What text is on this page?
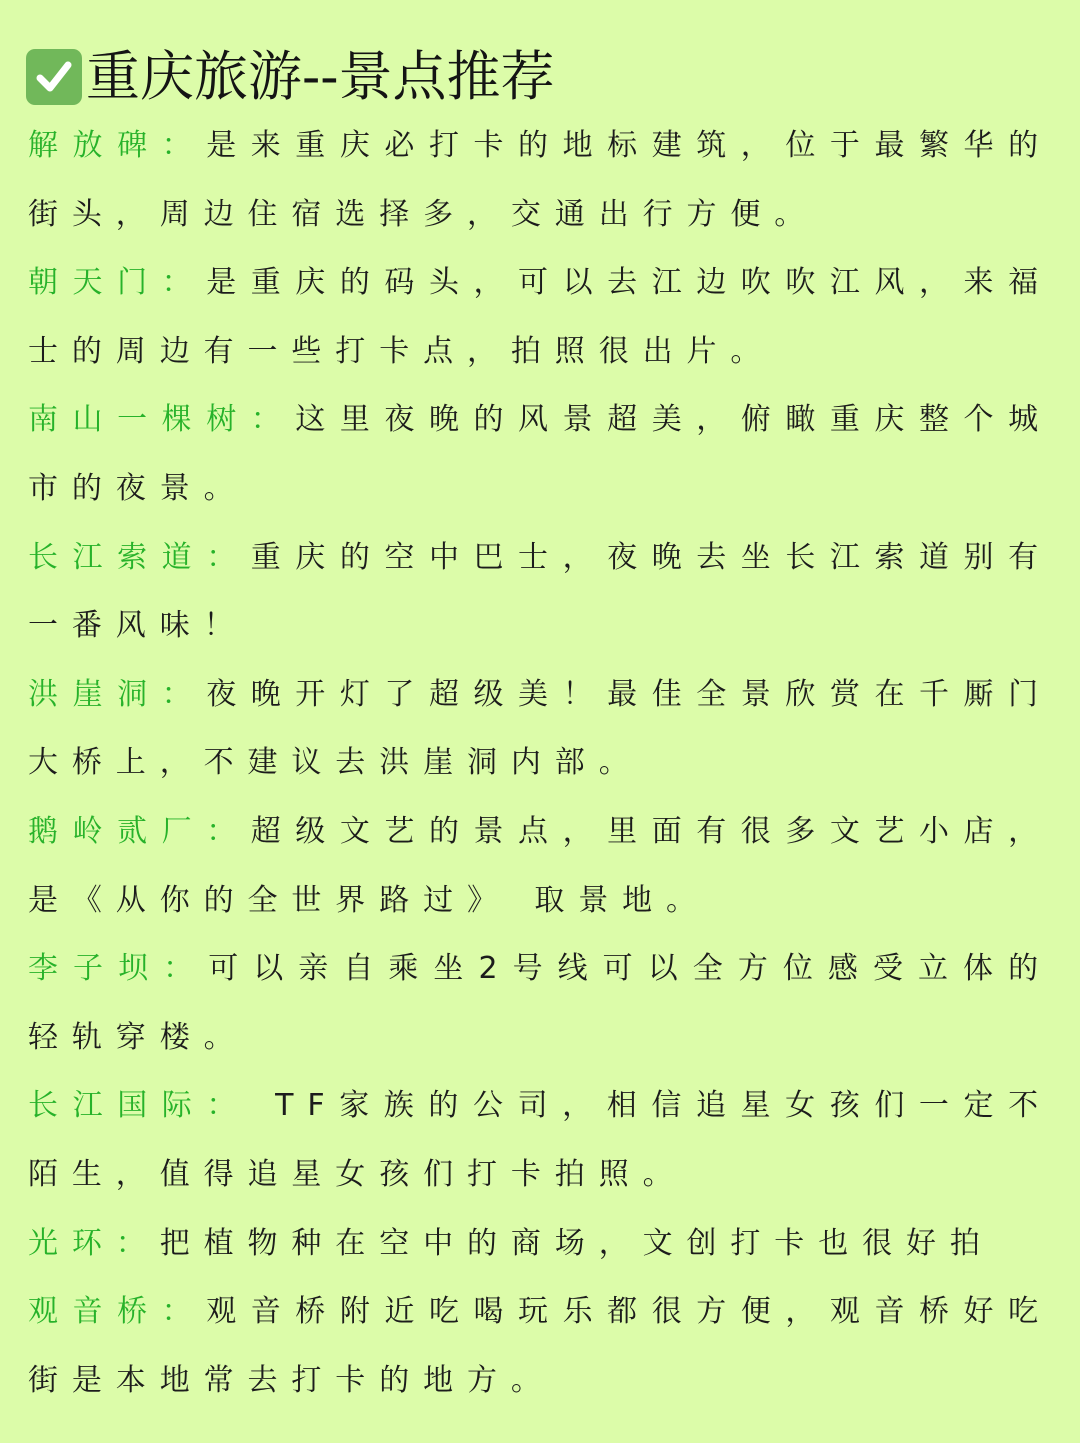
重庆旅游--景点推荐

解放碑：是来重庆必打卡的地标建筑，位于最繁华的街头，周边住宿选择多，交通出行方便。

朝天门：是重庆的码头，可以去江边吹吹江风，来福士的周边有一些打卡点，拍照很出片。

南山一棵树：这里夜晚的风景超美，俯瞰重庆整个城市的夜景。

长江索道：重庆的空中巴士，夜晚去坐长江索道别有一番风味！

洪崖洞：夜晚开灯了超级美！最佳全景欣赏在千厮门大桥上，不建议去洪崖洞内部。

鹅岭贰厂：超级文艺的景点，里面有很多文艺小店，是《从你的全世界路过》 取景地。

李子坝：可以亲自乘坐2号线可以全方位感受立体的轻轨穿楼。

长江国际： TF家族的公司，相信追星女孩们一定不陌生，值得追星女孩们打卡拍照。

光环：把植物种在空中的商场，文创打卡也很好拍

观音桥：观音桥附近吃喝玩乐都很方便，观音桥好吃街是本地常去打卡的地方。
